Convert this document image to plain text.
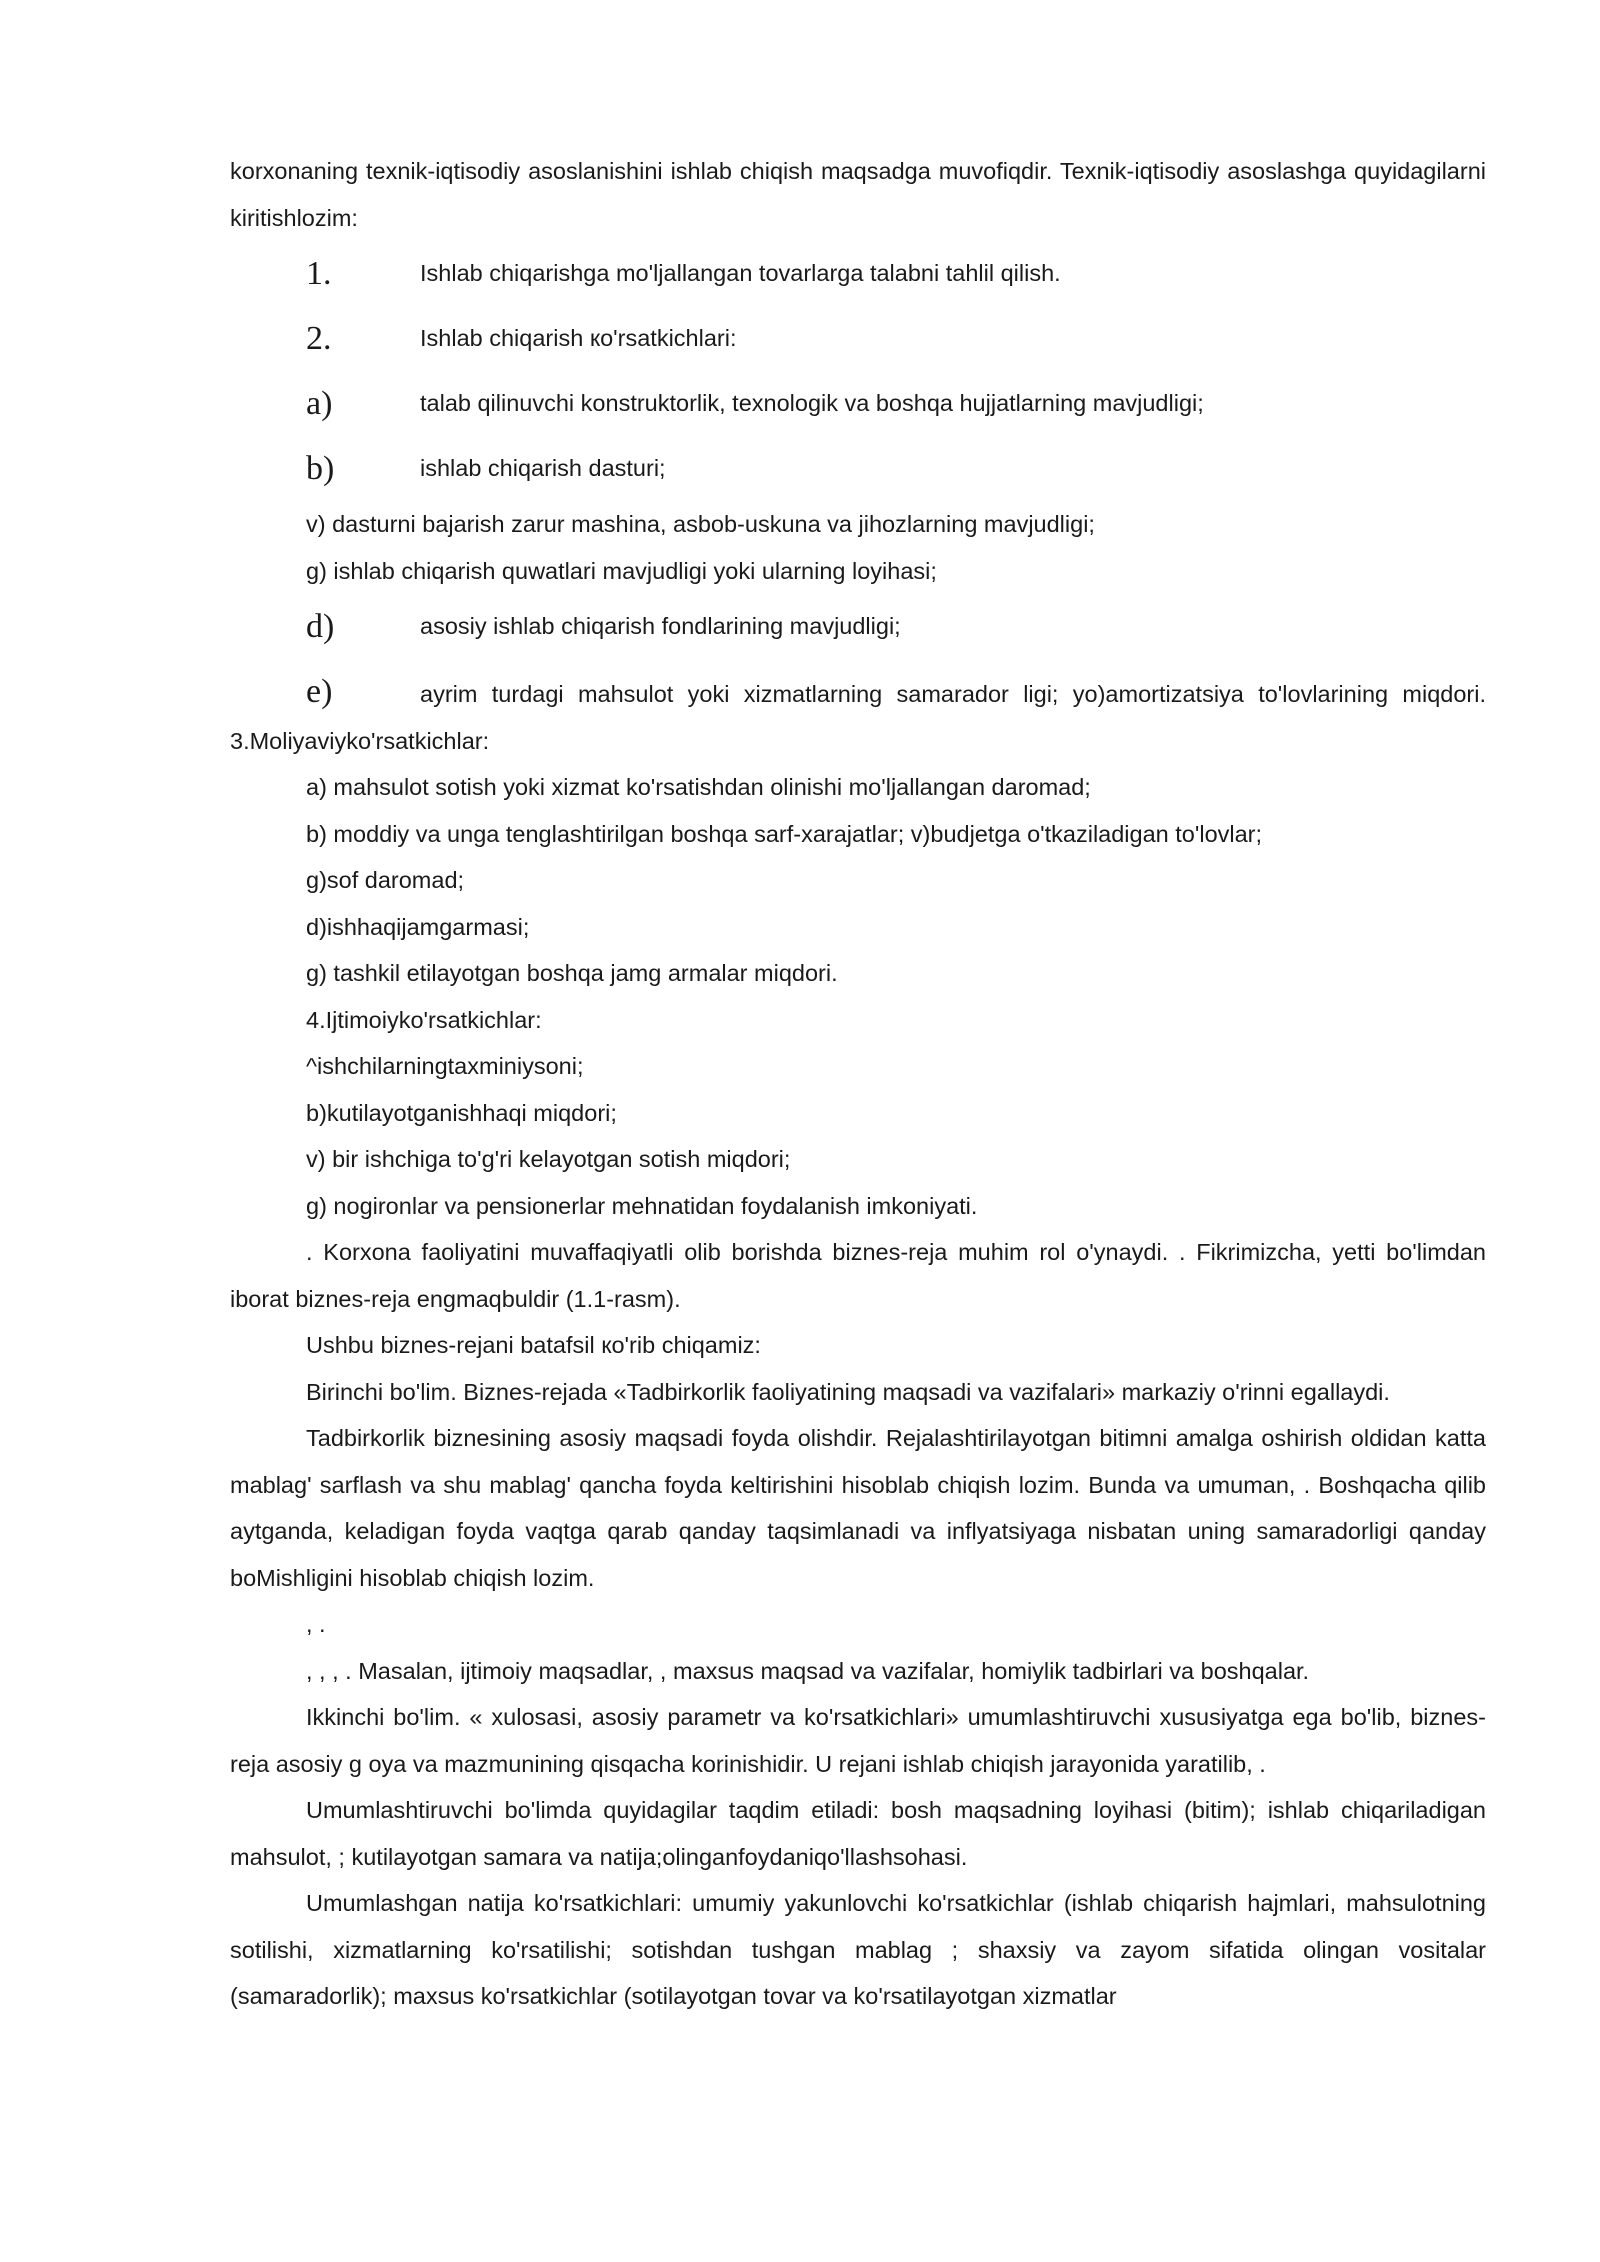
korxonaning texnik-iqtisodiy asoslanishini ishlab chiqish maqsadga muvofiqdir. Texnik-iqtisodiy asoslashga quyidagilarni kiritishlozim:

1.	Ishlab chiqarishga mo'ljallangan tovarlarga talabni tahlil qilish.
2.	Ishlab chiqarish кo'rsatkichlari:
a)	talab qilinuvchi konstruktorlik, texnologik va boshqa hujjatlarning mavjudligi;
b)	ishlab chiqarish dasturi;

v) dasturni bajarish zarur mashina, asbob-uskuna va jihozlarning mavjudligi;

g) ishlab chiqarish quwatlari mavjudligi yoki ularning loyihasi;

d)	asosiy ishlab chiqarish fondlarining mavjudligi;

e)	ayrim turdagi mahsulot yoki xizmatlarning samarador ligi; yo)amortizatsiya to'lovlarining miqdori. 3.Moliyaviyko'rsatkichlar:

a) mahsulot sotish yoki xizmat ko'rsatishdan olinishi mo'ljallangan daromad;

b) moddiy va unga tenglashtirilgan boshqa sarf-xarajatlar; v)budjetga o'tkaziladigan to'lovlar;

g)sof daromad;

d)ishhaqijamgarmasi;

g) tashkil etilayotgan boshqa jamg armalar miqdori.

4.Ijtimoiyko'rsatkichlar:

^ishchilarningtaxminiysoni;

b)kutilayotganishhaqi miqdori;

v) bir ishchiga to'g'ri kelayotgan sotish miqdori;

g) nogironlar va pensionerlar mehnatidan foydalanish imkoniyati.

. Korxona faoliyatini muvaffaqiyatli olib borishda biznes-reja muhim rol o'ynaydi. . Fikrimizcha, yetti bo'limdan iborat biznes-reja engmaqbuldir (1.1-rasm).

Ushbu biznes-rejani batafsil кo'rib chiqamiz:

Birinchi bo'lim. Biznes-rejada «Tadbirkorlik faoliyatining maqsadi va vazifalari» markaziy o'rinni egallaydi.

Tadbirkorlik biznesining asosiy maqsadi foyda olishdir. Rejalashtirilayotgan bitimni amalga oshirish oldidan katta mablag' sarflash va shu mablag' qancha foyda keltirishini hisoblab chiqish lozim. Bunda va umuman, . Boshqacha qilib aytganda, keladigan foyda vaqtga qarab qanday taqsimlanadi va inflyatsiyaga nisbatan uning samaradorligi qanday boMishligini hisoblab chiqish lozim.

, .

, , , . Masalan, ijtimoiy maqsadlar, , maxsus maqsad va vazifalar, homiylik tadbirlari va boshqalar.

Ikkinchi bo'lim. « xulosasi, asosiy parametr va ko'rsatkichlari» umumlashtiruvchi xususiyatga ega bo'lib, biznes-reja asosiy g oya va mazmunining qisqacha korinishidir. U rejani ishlab chiqish jarayonida yaratilib, .

Umumlashtiruvchi bo'limda quyidagilar taqdim etiladi: bosh maqsadning loyihasi (bitim); ishlab chiqariladigan mahsulot, ; kutilayotgan samara va natija;olinganfoydaniqo'llashsohasi.

Umumlashgan natija ko'rsatkichlari: umumiy yakunlovchi ko'rsatkichlar (ishlab chiqarish hajmlari, mahsulotning sotilishi, xizmatlarning ko'rsatilishi; sotishdan tushgan mablag ; shaxsiy va zayom sifatida olingan vositalar (samaradorlik); maxsus ko'rsatkichlar (sotilayotgan tovar va ko'rsatilayotgan xizmatlar
